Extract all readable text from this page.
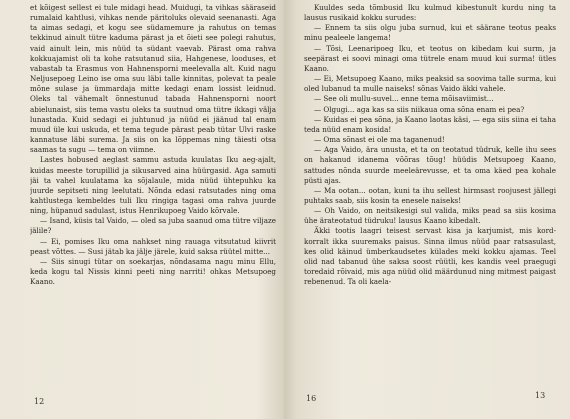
et kõigest sellest ei tule midagi head. Muidugi, ta vihkas sääraseid rumalaid kahtlusi, vihkas nende päritoluks olevaid seenanasti. Aga ta aimas sedagi, et kogu see südamemure ja rahutus on temas tekkinud ainult tütre kaduma pärast ja et õieti see polegi rahutus, vaid ainult lein, mis nüüd ta südant vaevab. Pärast oma rahva kokkuajamist oli ta kohe ratsutanud siia, Hahgenese, looduses, et vabastab ta Erasmus von Hahnensporni meelevalla alt. Kuid nagu Neljusepoeg Leino ise oma suu läbi talle kinnitas, polevat ta peale mõne sulase ja ümmardaja mitte kedagi enam lossist leidnud. Oleks tal vähemalt õnnestunud tabada Hahnensporni noort abielunaist, siis tema vastu oleks ta suutnud oma tütre ikkagi välja lunastada. Kuid sedagi ei juhtunud ja nüüd ei jäänud tal enam muud üle kui uskuda, et tema tegude pärast peab tütar Ulvi raske kannatuse läbi surema. Ja siis on ka lõppemas ning täiesti otsa saamas ta sugu — tema on viimne.

Lastes hobused aeglast sammu astuda kuulatas Iku aeg-ajalt, kuidas meeste torupillid ja sikusarved aina hüürgasid. Aga samuti jäi ta vahel kuulatama ka sõjalaule, mida nüüd ühtepuhku ka juurde sepitseti ning leelutati. Nõnda edasi ratsutades ning oma kahtlustega kembeldes tuli Iku ringiga tagasi oma rahva juurde ning, hüpanud sadulast, istus Henrikupoeg Vaido kõrvale.

— Isand, küsis tal Vaido, — oled sa juba saanud oma tütre viljaze jälile?

— Ei, pomises Iku oma nahkset ning rauaga vitsutatud kiivrit peast võttes. — Susi jätab ka jälje järele, kuid saksa rüütel mitte...

— Siis sinugi tütar on soekarjas, nõndasama nagu minu Ellu, keda kogu tal Nissis kinni peeti ning narriti! ohkas Metsupoeg Kaano.

12

Kuuldes seda tõmbusid Iku kulmud kibestunult kurdu ning ta lausus rusikaid kokku surudes:

— Ennem ta siis olgu juba surnud, kui et säärane teotus peaks minu pealeele langema!

— Tõsi, Leenaripoeg Iku, et teotus on kibedam kui surm, ja seepärast ei soovi minagi oma tütrele enam muud kui surma! ütles Kaano.

— Ei, Metsupoeg Kaano, miks peaksid sa soovima talle surma, kui oled lubanud ta mulle naiseks! sõnas Vaido äkki vahele.

— See oli mullu-suvel... enne tema mõisaviimist...

— Olgugi... aga kas sa siis niikaua oma sõna enam ei pea?

— Kuidas ei pea sõna, ja Kaano laotas käsi, — ega siis siina ei taha teda nüüd enam kosida!

— Oma sõnast ei ole ma taganenud!

— Aga Vaido, ära unusta, et ta on teotatud tüdruk, kelle ihu sees on hakanud idanema võõras tõug! hüüdis Metsupoeg Kaano, sattudes nõnda suurde meeleärevusse, et ta oma käed pea kohale püsti ajas.

— Ma ootan... ootan, kuni ta ihu sellest hirmsast roojusest jällegi puhtaks saab, siis kosin ta enesele naiseks!

— Oh Vaido, on neitsikesigi sul valida, miks pead sa siis kosima ühe ärateotatud tüdruku! lausus Kaano kibedalt.

Äkki tootis laagri teisest servast kisa ja karjumist, mis kord-korralt ikka suuremaks paisus. Sinna ilmus nüüd paar ratsasulast, kes olid käinud ümberkaudsetes külades meki kokku ajamas. Teel olid nad tabanud ühe saksa soost rüütli, kes kandis veel praegugi toredaid rõivaid, mis aga nüüd olid määrdunud ning mitmest paigast rebenenud. Ta oli kaela-

16	13
